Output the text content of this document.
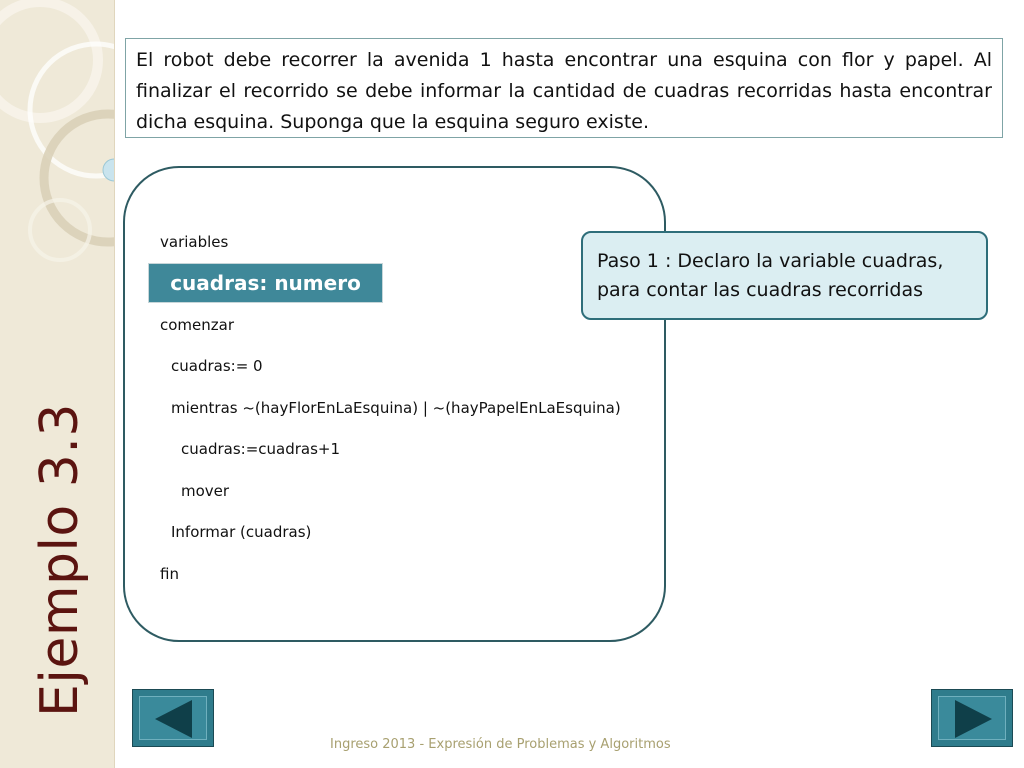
Ejemplo 3.3
El robot debe recorrer la avenida 1 hasta encontrar una esquina con flor y papel. Al finalizar el recorrido se debe informar la cantidad de cuadras recorridas hasta encontrar dicha esquina. Suponga que la esquina seguro existe.
variables
cuadras: numero
comenzar
cuadras:= 0
mientras ~(hayFlorEnLaEsquina) | ~(hayPapelEnLaEsquina)
cuadras:=cuadras+1
mover
Informar (cuadras)
fin
Paso 1 : Declaro la variable cuadras, para contar las cuadras recorridas
Ingreso 2013 - Expresión de Problemas y Algoritmos
